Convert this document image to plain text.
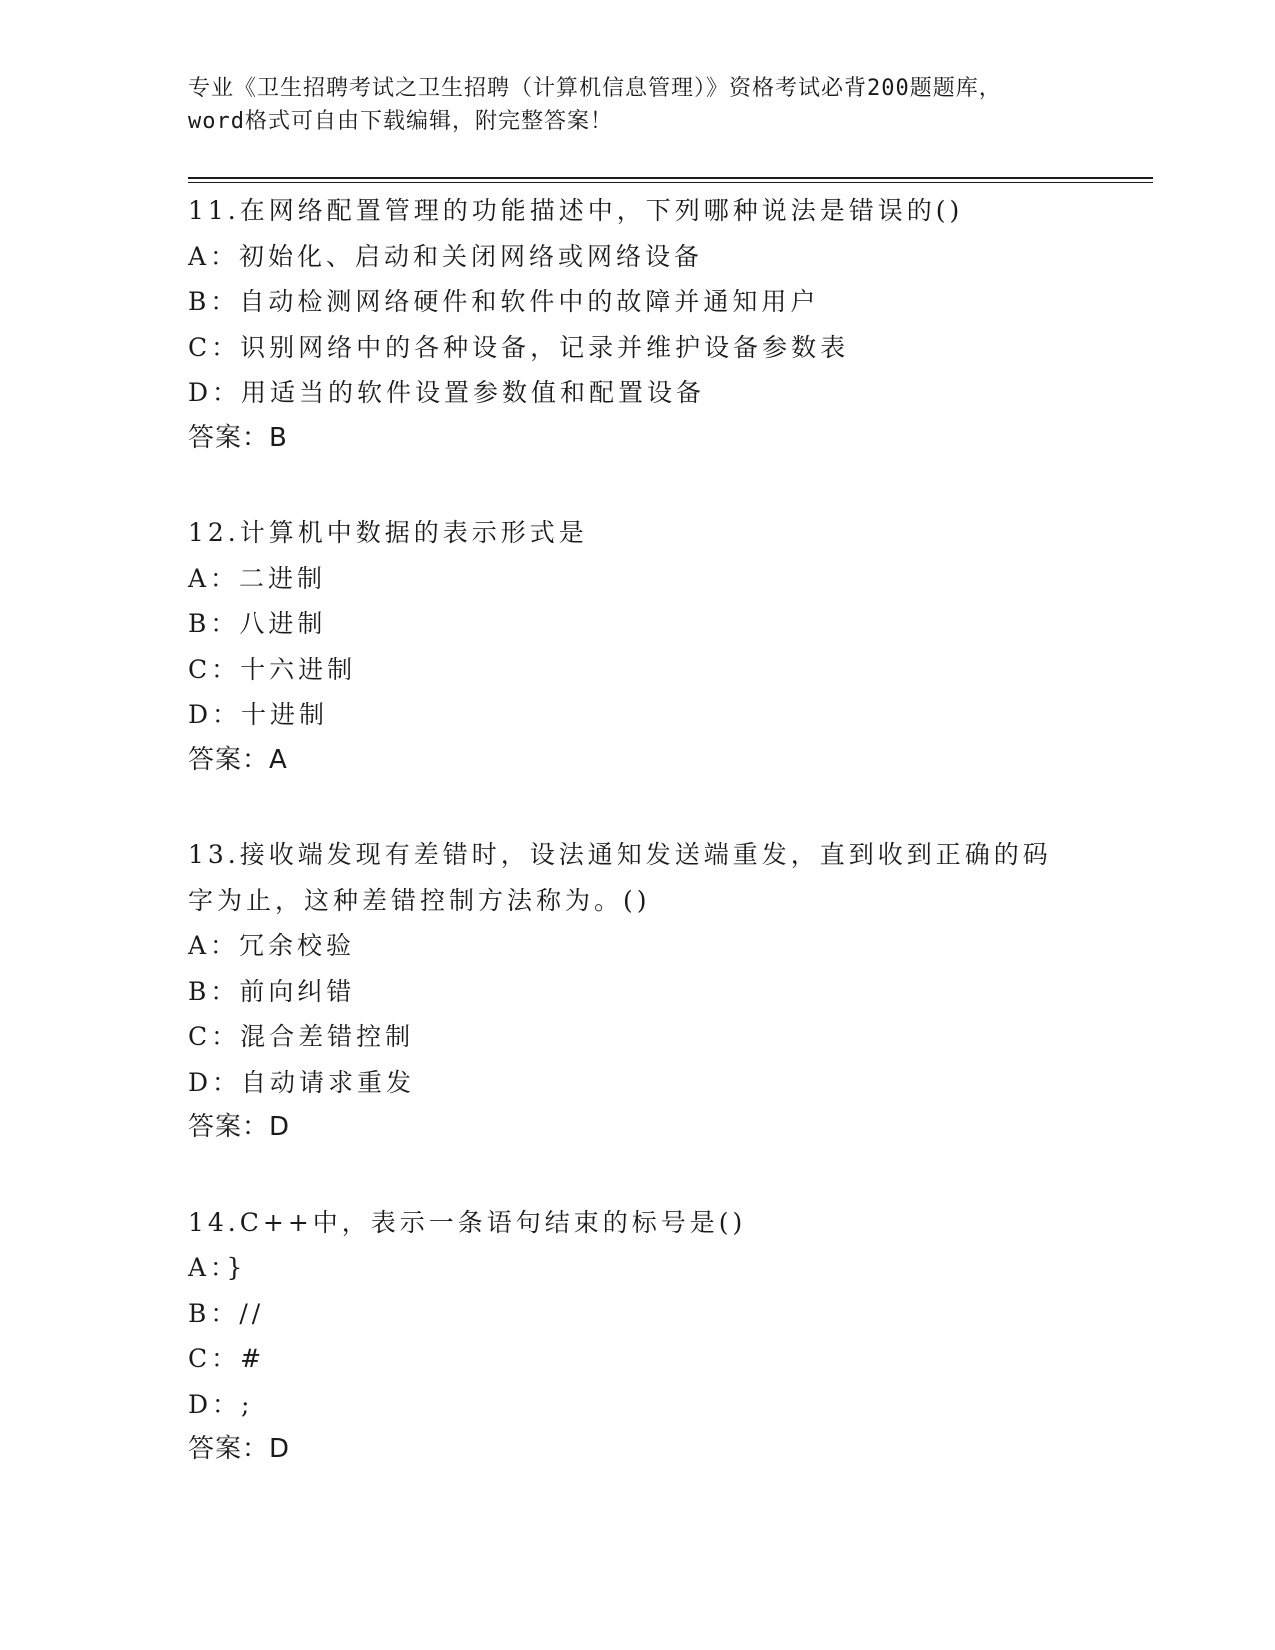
专业《卫生招聘考试之卫生招聘（计算机信息管理）》资格考试必背200题题库，
word格式可自由下载编辑，附完整答案！
11.在网络配置管理的功能描述中，下列哪种说法是错误的()
A：初始化、启动和关闭网络或网络设备
B：自动检测网络硬件和软件中的故障并通知用户
C：识别网络中的各种设备，记录并维护设备参数表
D：用适当的软件设置参数值和配置设备
答案：B
12.计算机中数据的表示形式是
A：二进制
B：八进制
C：十六进制
D：十进制
答案：A
13.接收端发现有差错时，设法通知发送端重发，直到收到正确的码字为止，这种差错控制方法称为。()
A：冗余校验
B：前向纠错
C：混合差错控制
D：自动请求重发
答案：D
14.C++中，表示一条语句结束的标号是()
A：}
B：//
C：#
D：;
答案：D
